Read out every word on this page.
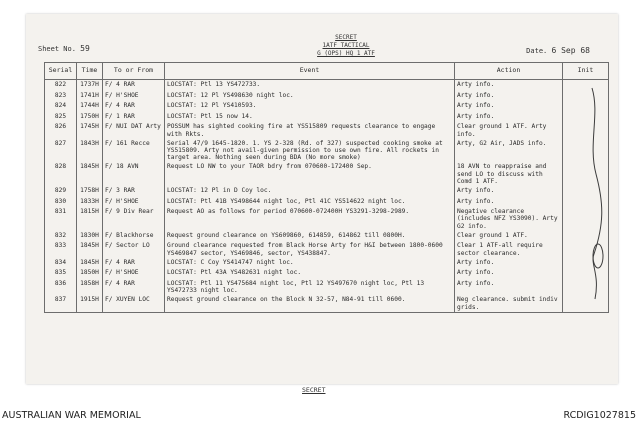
Sheet No. 59
SECRET
1ATF TACTICAL
G (OPS) HQ 1 ATF	Date. 6 Sep 68
Serial	Time	To or From	Event	Action	Init
822	1737H	F/ 4 RAR	LOCSTAT: Ptl 13 YS472733.	Arty info.	
823	1741H	F/ H'SHOE	LOCSTAT: 12 Pl YS498630 night loc.	Arty info.	
824	1744H	F/ 4 RAR	LOCSTAT: 12 Pl YS410593.	Arty info.	
825	1750H	F/ 1 RAR	LOCSTAT: Ptl 15 now 14.	Arty info.	
826	1745H	F/ NUI DAT Arty	POSSUM has sighted cooking fire at YS515809 requests clearance to engage with Rkts.	Clear ground 1 ATF. Arty info.	
827	1843H	F/ 161 Recce	Serial 47/9 1645-1820. 1. YS 2-328 (Rd. of 327) suspected cooking smoke at YS515809. Arty not avail-given permission to use own fire. All rockets in target area. Nothing seen during BDA (No more smoke)	Arty, G2 Air, JADS info.	
828	1845H	F/ 18 AVN	Request LO NW to your TAOR bdry from 070600-172400 Sep.	18 AVN to reappraise and send LO to discuss with Comd 1 ATF.	
829	1758H	F/ 3 RAR	LOCSTAT: 12 Pl in D Coy loc.	Arty info.	
830	1833H	F/ H'SHOE	LOCSTAT: Ptl 41B YS498644 night loc, Ptl 41C YS514622 night loc.	Arty info.	
831	1815H	F/ 9 Div Rear	Request AO as follows for period 070600-072400H YS3291-3298-2989.	Negative clearance (includes NFZ YS3090). Arty G2 info.	
832	1830H	F/ Blackhorse	Request ground clearance on YS609860, 614859, 614862 till 0800H.	Clear ground 1 ATF.	
833	1845H	F/ Sector LO	Ground clearance requested from Black Horse Arty for H&I between 1800-0600 YS469847 sector, YS469846, sector, YS438847.	Clear 1 ATF-all require sector clearance.	
834	1845H	F/ 4 RAR	LOCSTAT: C Coy YS414747 night loc.	Arty info.	
835	1850H	F/ H'SHOE	LOCSTAT: Ptl 43A YS482631 night loc.	Arty info.	
836	1858H	F/ 4 RAR	LOCSTAT: Ptl 11 YS475684 night loc, Ptl 12 YS497670 night loc, Ptl 13 YS472733 night loc.	Arty info.	
837	1915H	F/ XUYEN LOC	Request ground clearance on the Block N 32-57, N84-91 till 0600.	Neg clearance. submit indiv grids.	
SECRET
AUSTRALIAN WAR MEMORIAL	RCDIG1027815
